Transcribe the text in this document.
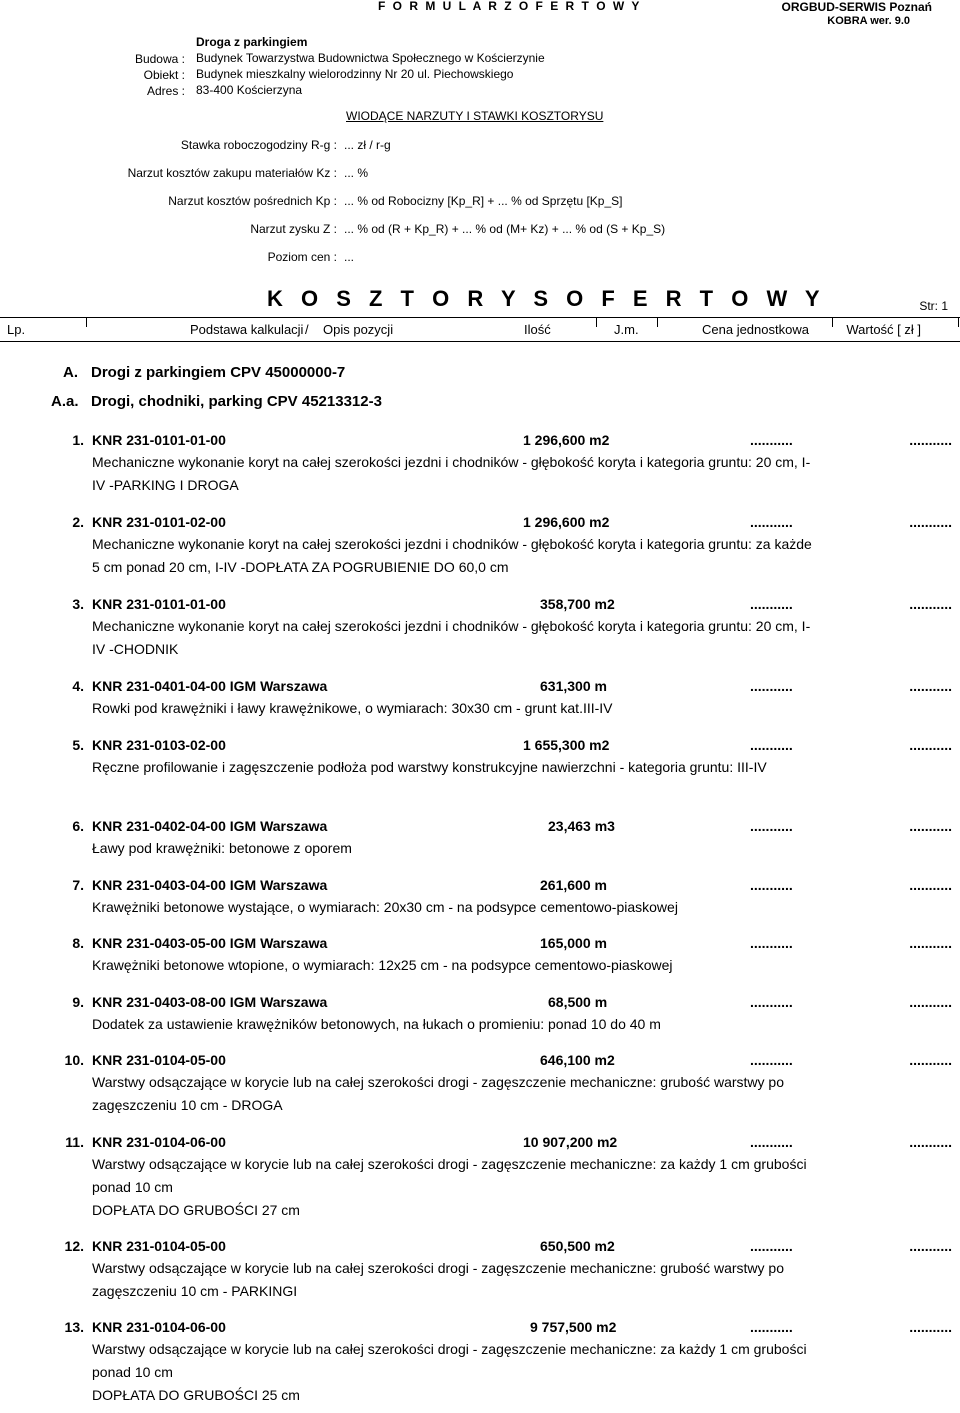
F O R M U L A R Z O F E R T O W Y	ORGBUD-SERWIS Poznań
KOBRA wer. 9.0
Droga z parkingiem
Budowa : Budynek Towarzystwa Budownictwa Społecznego w Kościerzynie
Obiekt : Budynek mieszkalny wielorodzinny Nr 20 ul. Piechowskiego
Adres : 83-400 Kościerzyna
WIODĄCE NARZUTY I STAWKI KOSZTORYSU
Stawka roboczogodziny R-g : ... zł / r-g
Narzut kosztów zakupu materiałów Kz : ... %
Narzut kosztów pośrednich Kp : ... % od Robocizny [Kp_R] + ... % od Sprzętu [Kp_S]
Narzut zysku Z : ... % od (R + Kp_R) + ... % od (M+ Kz) + ... % od (S + Kp_S)
Poziom cen : ...
K O S Z T O R Y S O F E R T O W Y	Str: 1
Lp.	Podstawa kalkulacji / Opis pozycji	Ilość	J.m.	Cena jednostkowa	Wartość [ zł ]
A. Drogi z parkingiem CPV 45000000-7
A.a. Drogi, chodniki, parking CPV 45213312-3
1. KNR 231-0101-01-00	1 296,600 m2	...........	...........
Mechaniczne wykonanie koryt na całej szerokości jezdni i chodników - głębokość koryta i kategoria gruntu: 20 cm, I-IV -PARKING I DROGA
2. KNR 231-0101-02-00	1 296,600 m2	...........	...........
Mechaniczne wykonanie koryt na całej szerokości jezdni i chodników - głębokość koryta i kategoria gruntu: za każde 5 cm ponad 20 cm, I-IV -DOPŁATA ZA POGRUBIENIE DO 60,0 cm
3. KNR 231-0101-01-00	358,700 m2	...........	...........
Mechaniczne wykonanie koryt na całej szerokości jezdni i chodników - głębokość koryta i kategoria gruntu: 20 cm, I-IV -CHODNIK
4. KNR 231-0401-04-00 IGM Warszawa	631,300 m	...........	...........
Rowki pod krawężniki i ławy krawężnikowe, o wymiarach: 30x30 cm - grunt kat.III-IV
5. KNR 231-0103-02-00	1 655,300 m2	...........	...........
Ręczne profilowanie i zagęszczenie podłoża pod warstwy konstrukcyjne nawierzchni - kategoria gruntu: III-IV
6. KNR 231-0402-04-00 IGM Warszawa	23,463 m3	...........	...........
Ławy pod krawężniki: betonowe z oporem
7. KNR 231-0403-04-00 IGM Warszawa	261,600 m	...........	...........
Krawężniki betonowe wystające, o wymiarach: 20x30 cm - na podsypce cementowo-piaskowej
8. KNR 231-0403-05-00 IGM Warszawa	165,000 m	...........	...........
Krawężniki betonowe wtopione, o wymiarach: 12x25 cm - na podsypce cementowo-piaskowej
9. KNR 231-0403-08-00 IGM Warszawa	68,500 m	...........	...........
Dodatek za ustawienie krawężników betonowych, na łukach o promieniu: ponad 10 do 40 m
10. KNR 231-0104-05-00	646,100 m2	...........	...........
Warstwy odsączające w korycie lub na całej szerokości drogi - zagęszczenie mechaniczne: grubość warstwy po zagęszczeniu 10 cm - DROGA
11. KNR 231-0104-06-00	10 907,200 m2	...........	...........
Warstwy odsączające w korycie lub na całej szerokości drogi - zagęszczenie mechaniczne: za każdy 1 cm grubości ponad 10 cm
DOPŁATA DO GRUBOŚCI 27 cm
12. KNR 231-0104-05-00	650,500 m2	...........	...........
Warstwy odsączające w korycie lub na całej szerokości drogi - zagęszczenie mechaniczne: grubość warstwy po zagęszczeniu 10 cm - PARKINGI
13. KNR 231-0104-06-00	9 757,500 m2	...........	...........
Warstwy odsączające w korycie lub na całej szerokości drogi - zagęszczenie mechaniczne: za każdy 1 cm grubości ponad 10 cm
DOPŁATA DO GRUBOŚCI 25 cm
